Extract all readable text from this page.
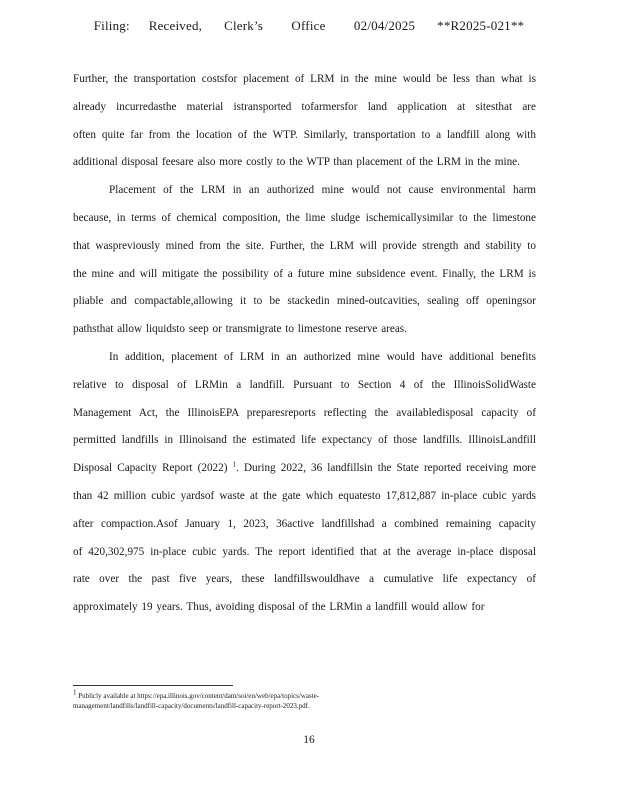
Filing:  Received, Clerk’s   Office   02/04/2025 **R2025-021**
Further, the transportation costsfor placement of LRM in the mine would be less than what is
already incurredasthe material istransported tofarmersfor land application at sitesthat are
often quite far from the location of the WTP. Similarly, transportation to a landfill along with
additional disposal feesare also more costly to the WTP than placement of the LRM in the mine.
Placement of the LRM in an authorized mine would not cause environmental harm
because, in terms of chemical composition, the lime sludge ischemicallysimilar to the limestone
that waspreviously mined from the site. Further, the LRM will provide strength and stability to
the mine and will mitigate the possibility of a future mine subsidence event. Finally, the LRM is
pliable and compactable,allowing it to be stackedin mined-outcavities, sealing off openingsor
pathsthat allow liquidsto seep or transmigrate to limestone reserve areas.
In addition, placement of LRM in an authorized mine would have additional benefits
relative to disposal of LRMin a landfill. Pursuant to Section 4 of the IllinoisSolidWaste
Management Act, the IllinoisEPA preparesreports reflecting the availabledisposal capacity of
permitted landfills in Illinoisand the estimated life expectancy of those landfills. IllinoisLandfill
Disposal Capacity Report (2022) $^1$. During 2022, 36 landfillsin the State reported receiving more
than 42 million cubic yardsof waste at the gate which equatesto 17,812,887 in-place cubic yards
after compaction.Asof January 1, 2023, 36active landfillshad a combined remaining capacity
of 420,302,975 in-place cubic yards. The report identified that at the average in-place disposal
rate over the past five years, these landfillswouldhave a cumulative life expectancy of
approximately 19 years. Thus, avoiding disposal of the LRMin a landfill would allow for
1 Publicly available at https://epa.illinois.gov/content/dam/soi/en/web/epa/topics/waste-
management/landfills/landfill-capacity/documents/landfill-capacity-report-2023.pdf.
16
